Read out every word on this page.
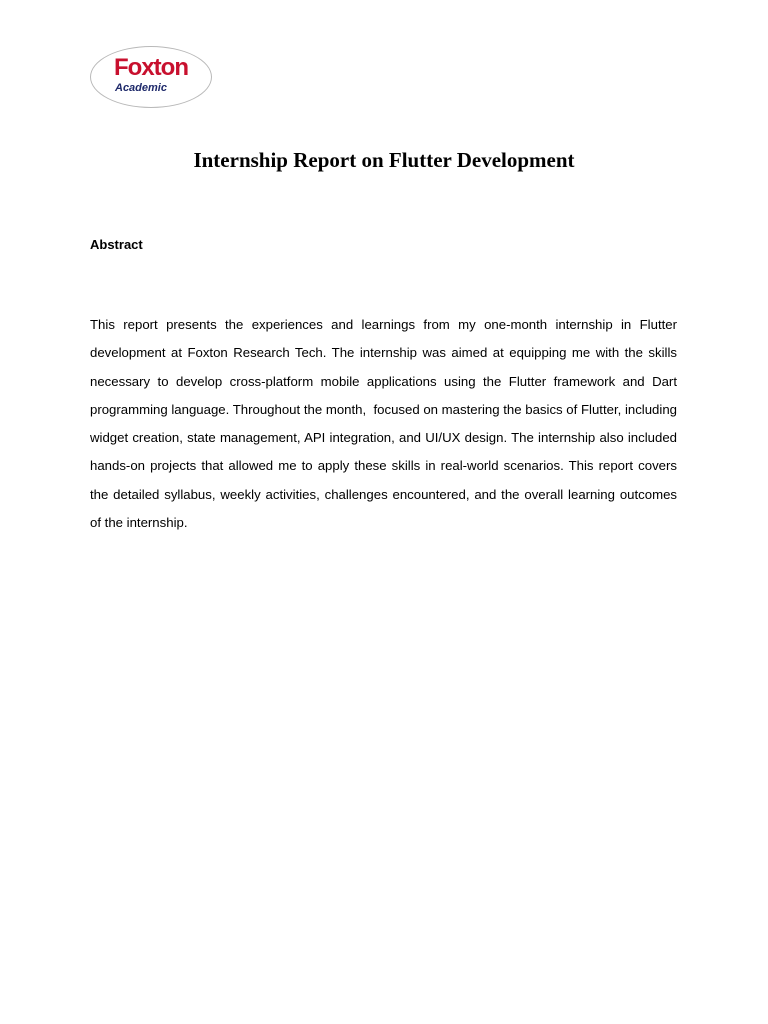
Foxton
Academic
Internship Report on Flutter Development
Abstract

This report presents the experiences and learnings from my one-month internship in Flutter development at Foxton Research Tech. The internship was aimed at equipping me with the skills necessary to develop cross-platform mobile applications using the Flutter framework and Dart programming language. Throughout the month,  focused on mastering the basics of Flutter, including widget creation, state management, API integration, and UI/UX design. The internship also included hands-on projects that allowed me to apply these skills in real-world scenarios. This report covers the detailed syllabus, weekly activities, challenges encountered, and the overall learning outcomes of the internship.
